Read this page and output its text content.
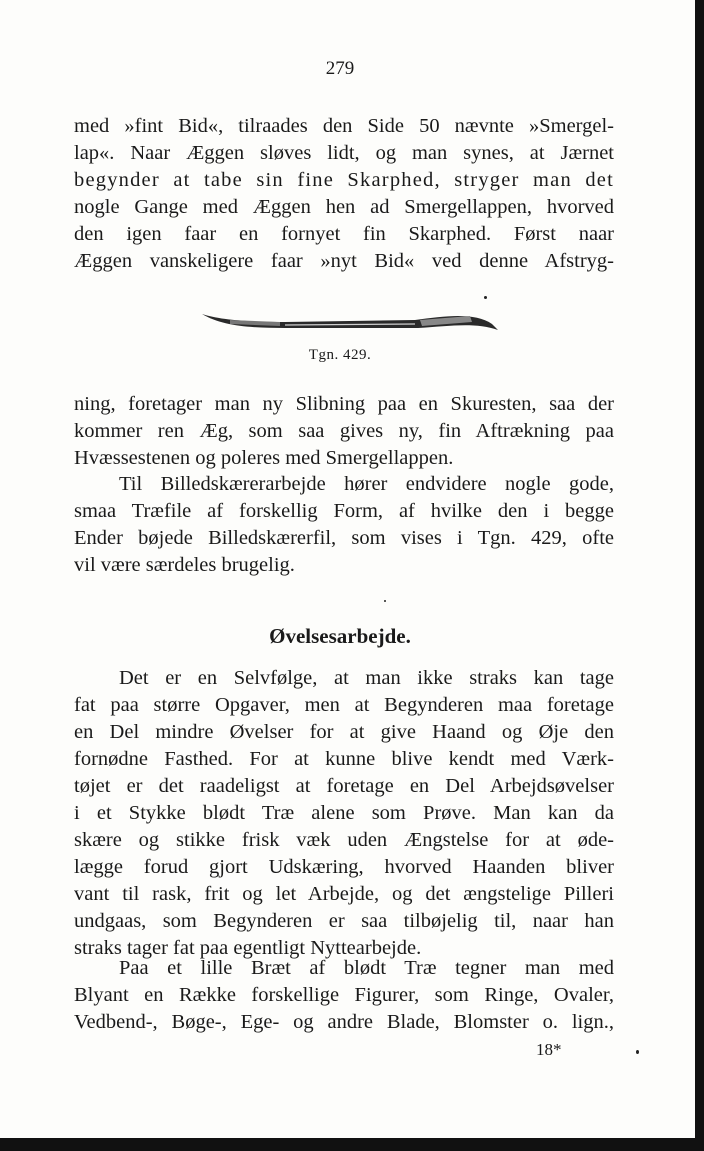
279
med »fint Bid«, tilraades den Side 50 nævnte »Smergel-
lap«. Naar Æggen sløves lidt, og man synes, at Jærnet
begynder at tabe sin fine Skarphed, stryger man det
nogle Gange med Æggen hen ad Smergellappen, hvorved
den igen faar en fornyet fin Skarphed. Først naar
Æggen vanskeligere faar »nyt Bid« ved denne Afstryg-
Tgn. 429.
ning, foretager man ny Slibning paa en Skuresten, saa der
kommer ren Æg, som saa gives ny, fin Aftrækning paa
Hvæssestenen og poleres med Smergellappen.
Til Billedskærerarbejde hører endvidere nogle gode,
smaa Træfile af forskellig Form, af hvilke den i begge
Ender bøjede Billedskærerfil, som vises i Tgn. 429, ofte
vil være særdeles brugelig.
Øvelsesarbejde.
Det er en Selvfølge, at man ikke straks kan tage
fat paa større Opgaver, men at Begynderen maa foretage
en Del mindre Øvelser for at give Haand og Øje den
fornødne Fasthed. For at kunne blive kendt med Værk-
tøjet er det raadeligst at foretage en Del Arbejdsøvelser
i et Stykke blødt Træ alene som Prøve. Man kan da
skære og stikke frisk væk uden Ængstelse for at øde-
lægge forud gjort Udskæring, hvorved Haanden bliver
vant til rask, frit og let Arbejde, og det ængstelige Pilleri
undgaas, som Begynderen er saa tilbøjelig til, naar han
straks tager fat paa egentligt Nyttearbejde.
Paa et lille Bræt af blødt Træ tegner man med
Blyant en Række forskellige Figurer, som Ringe, Ovaler,
Vedbend-, Bøge-, Ege- og andre Blade, Blomster o. lign.,
18*
